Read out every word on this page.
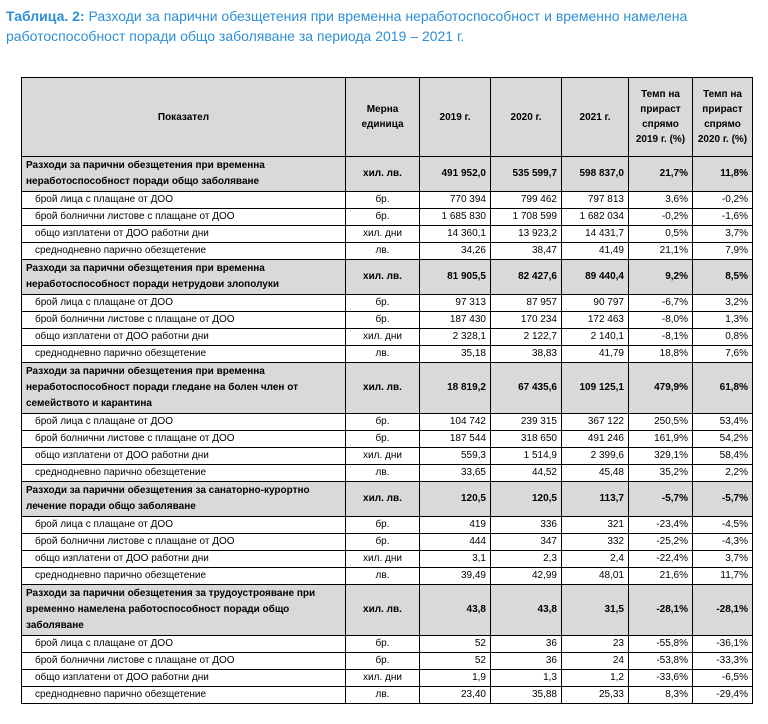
Таблица. 2: Разходи за парични обезщетения при временна неработоспособност и временно намелена работоспособност поради общо заболяване за периода 2019 – 2021 г.
Показател	Мерна единица	2019 г.	2020 г.	2021 г.	Темп на прираст спрямо 2019 г. (%)	Темп на прираст спрямо 2020 г. (%)
Разходи за парични обезщетения при временна неработоспособност поради общо заболяване	хил. лв.	491 952,0	535 599,7	598 837,0	21,7%	11,8%
брой лица с плащане от ДОО	бр.	770 394	799 462	797 813	3,6%	-0,2%
брой болнични листове с плащане от ДОО	бр.	1 685 830	1 708 599	1 682 034	-0,2%	-1,6%
общо изплатени от ДОО работни дни	хил. дни	14 360,1	13 923,2	14 431,7	0,5%	3,7%
средноднeвно парично обезщетение	лв.	34,26	38,47	41,49	21,1%	7,9%
Разходи за парични обезщетения при временна неработоспособност поради нетрудови злополуки	хил. лв.	81 905,5	82 427,6	89 440,4	9,2%	8,5%
брой лица с плащане от ДОО	бр.	97 313	87 957	90 797	-6,7%	3,2%
брой болнични листове с плащане от ДОО	бр.	187 430	170 234	172 463	-8,0%	1,3%
общо изплатени от ДОО работни дни	хил. дни	2 328,1	2 122,7	2 140,1	-8,1%	0,8%
средноднeвно парично обезщетение	лв.	35,18	38,83	41,79	18,8%	7,6%
Разходи за парични обезщетения при временна неработоспособност поради гледане на болен член от семейството и карантина	хил. лв.	18 819,2	67 435,6	109 125,1	479,9%	61,8%
брой лица с плащане от ДОО	бр.	104 742	239 315	367 122	250,5%	53,4%
брой болнични листове с плащане от ДОО	бр.	187 544	318 650	491 246	161,9%	54,2%
общо изплатени от ДОО работни дни	хил. дни	559,3	1 514,9	2 399,6	329,1%	58,4%
средноднeвно парично обезщетение	лв.	33,65	44,52	45,48	35,2%	2,2%
Разходи за парични обезщетения за санаторно-курортно лечение поради общо заболяване	хил. лв.	120,5	120,5	113,7	-5,7%	-5,7%
брой лица с плащане от ДОО	бр.	419	336	321	-23,4%	-4,5%
брой болнични листове с плащане от ДОО	бр.	444	347	332	-25,2%	-4,3%
общо изплатени от ДОО работни дни	хил. дни	3,1	2,3	2,4	-22,4%	3,7%
средноднeвно парично обезщетение	лв.	39,49	42,99	48,01	21,6%	11,7%
Разходи за парични обезщетения за трудоустрояване при временно намелена работоспособност поради общо заболяване	хил. лв.	43,8	43,8	31,5	-28,1%	-28,1%
брой лица с плащане от ДОО	бр.	52	36	23	-55,8%	-36,1%
брой болнични листове с плащане от ДОО	бр.	52	36	24	-53,8%	-33,3%
общо изплатени от ДОО работни дни	хил. дни	1,9	1,3	1,2	-33,6%	-6,5%
средноднeвно парично обезщетение	лв.	23,40	35,88	25,33	8,3%	-29,4%
